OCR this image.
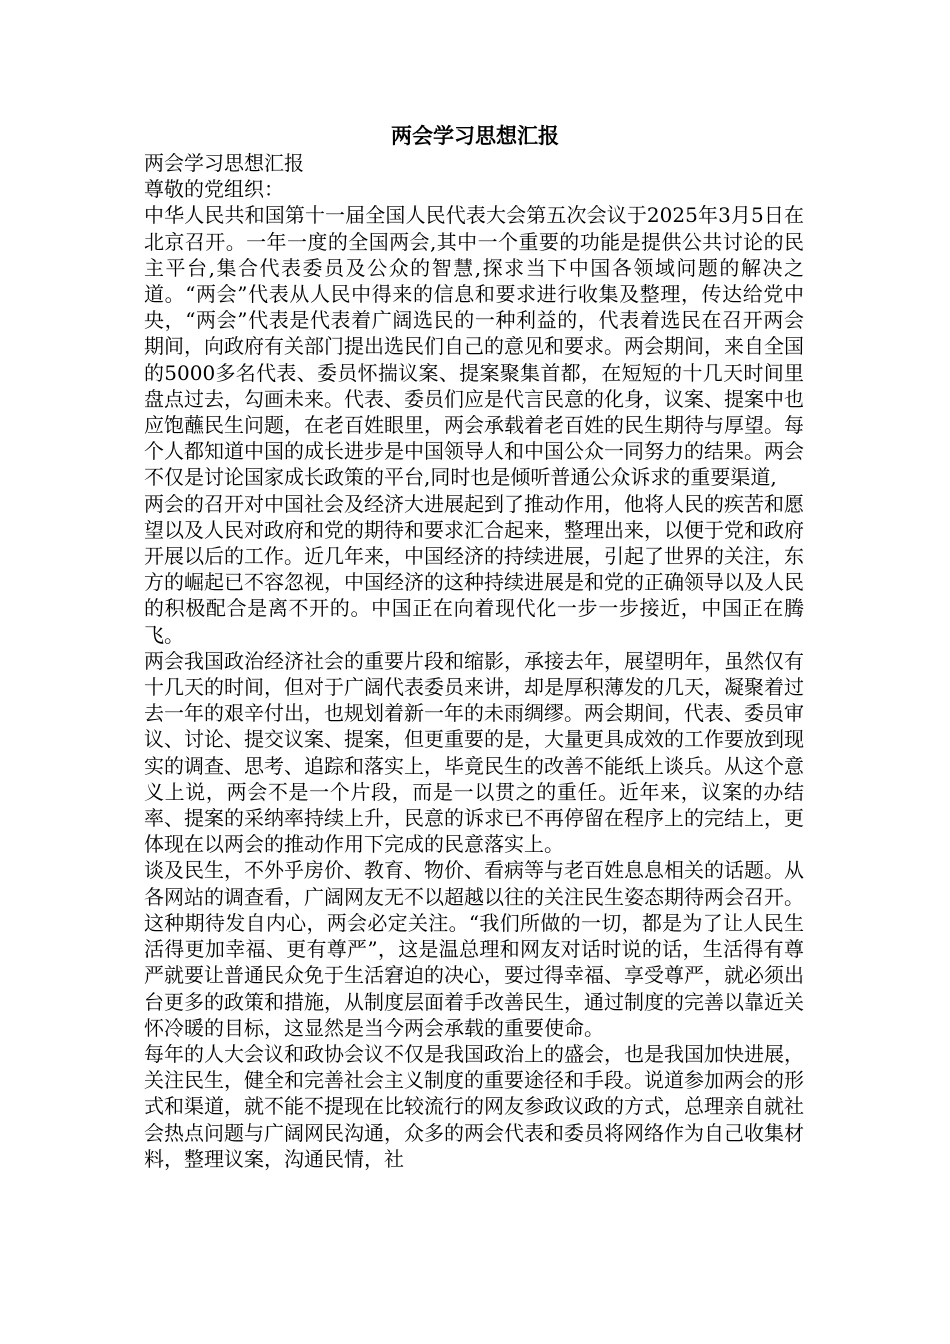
两会学习思想汇报

两会学习思想汇报

尊敬的党组织：

中华人民共和国第十一届全国人民代表大会第五次会议于2025年3月5日在北京召开。一年一度的全国两会,其中一个重要的功能是提供公共讨论的民主平台,集合代表委员及公众的智慧,探求当下中国各领域问题的解决之道。“两会”代表从人民中得来的信息和要求进行收集及整理，传达给党中央，“两会”代表是代表着广阔选民的一种利益的，代表着选民在召开两会期间，向政府有关部门提出选民们自己的意见和要求。两会期间，来自全国的5000多名代表、委员怀揣议案、提案聚集首都，在短短的十几天时间里盘点过去，勾画未来。代表、委员们应是代言民意的化身，议案、提案中也应饱蘸民生问题，在老百姓眼里，两会承载着老百姓的民生期待与厚望。每个人都知道中国的成长进步是中国领导人和中国公众一同努力的结果。两会不仅是讨论国家成长政策的平台,同时也是倾听普通公众诉求的重要渠道,

两会的召开对中国社会及经济大进展起到了推动作用，他将人民的疾苦和愿望以及人民对政府和党的期待和要求汇合起来，整理出来，以便于党和政府开展以后的工作。近几年来，中国经济的持续进展，引起了世界的关注，东方的崛起已不容忽视，中国经济的这种持续进展是和党的正确领导以及人民的积极配合是离不开的。中国正在向着现代化一步一步接近，中国正在腾飞。

两会我国政治经济社会的重要片段和缩影，承接去年，展望明年，虽然仅有十几天的时间，但对于广阔代表委员来讲，却是厚积薄发的几天，凝聚着过去一年的艰辛付出，也规划着新一年的未雨绸缪。两会期间，代表、委员审议、讨论、提交议案、提案，但更重要的是，大量更具成效的工作要放到现实的调查、思考、追踪和落实上，毕竟民生的改善不能纸上谈兵。从这个意义上说，两会不是一个片段，而是一以贯之的重任。近年来，议案的办结率、提案的采纳率持续上升，民意的诉求已不再停留在程序上的完结上，更体现在以两会的推动作用下完成的民意落实上。

谈及民生，不外乎房价、教育、物价、看病等与老百姓息息相关的话题。从各网站的调查看，广阔网友无不以超越以往的关注民生姿态期待两会召开。这种期待发自内心，两会必定关注。“我们所做的一切，都是为了让人民生活得更加幸福、更有尊严”，这是温总理和网友对话时说的话，生活得有尊严就要让普通民众免于生活窘迫的决心，要过得幸福、享受尊严，就必须出台更多的政策和措施，从制度层面着手改善民生，通过制度的完善以靠近关怀冷暖的目标，这显然是当今两会承载的重要使命。

每年的人大会议和政协会议不仅是我国政治上的盛会，也是我国加快进展，关注民生，健全和完善社会主义制度的重要途径和手段。说道参加两会的形式和渠道，就不能不提现在比较流行的网友参政议政的方式，总理亲自就社会热点问题与广阔网民沟通，众多的两会代表和委员将网络作为自己收集材料，整理议案，沟通民情，社
